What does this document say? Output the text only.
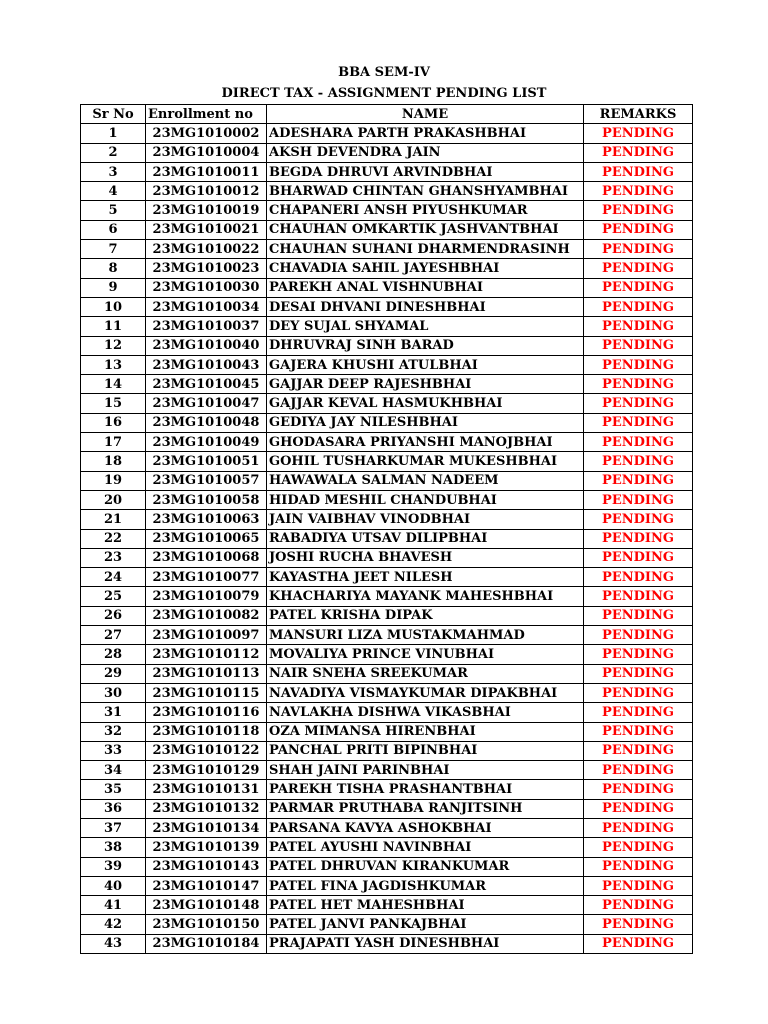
BBA SEM-IV
DIRECT TAX - ASSIGNMENT PENDING LIST
Sr No	Enrollment no	NAME	REMARKS
1	23MG1010002	ADESHARA PARTH PRAKASHBHAI	PENDING
2	23MG1010004	AKSH DEVENDRA JAIN	PENDING
3	23MG1010011	BEGDA DHRUVI ARVINDBHAI	PENDING
4	23MG1010012	BHARWAD CHINTAN GHANSHYAMBHAI	PENDING
5	23MG1010019	CHAPANERI ANSH PIYUSHKUMAR	PENDING
6	23MG1010021	CHAUHAN OMKARTIK JASHVANTBHAI	PENDING
7	23MG1010022	CHAUHAN SUHANI DHARMENDRASINH	PENDING
8	23MG1010023	CHAVADIA SAHIL JAYESHBHAI	PENDING
9	23MG1010030	PAREKH ANAL VISHNUBHAI	PENDING
10	23MG1010034	DESAI DHVANI DINESHBHAI	PENDING
11	23MG1010037	DEY SUJAL SHYAMAL	PENDING
12	23MG1010040	DHRUVRAJ SINH BARAD	PENDING
13	23MG1010043	GAJERA KHUSHI ATULBHAI	PENDING
14	23MG1010045	GAJJAR DEEP RAJESHBHAI	PENDING
15	23MG1010047	GAJJAR KEVAL HASMUKHBHAI	PENDING
16	23MG1010048	GEDIYA JAY NILESHBHAI	PENDING
17	23MG1010049	GHODASARA PRIYANSHI MANOJBHAI	PENDING
18	23MG1010051	GOHIL TUSHARKUMAR MUKESHBHAI	PENDING
19	23MG1010057	HAWAWALA SALMAN NADEEM	PENDING
20	23MG1010058	HIDAD MESHIL CHANDUBHAI	PENDING
21	23MG1010063	JAIN VAIBHAV VINODBHAI	PENDING
22	23MG1010065	RABADIYA UTSAV DILIPBHAI	PENDING
23	23MG1010068	JOSHI RUCHA BHAVESH	PENDING
24	23MG1010077	KAYASTHA JEET NILESH	PENDING
25	23MG1010079	KHACHARIYA MAYANK MAHESHBHAI	PENDING
26	23MG1010082	PATEL KRISHA DIPAK	PENDING
27	23MG1010097	MANSURI LIZA MUSTAKMAHMAD	PENDING
28	23MG1010112	MOVALIYA PRINCE VINUBHAI	PENDING
29	23MG1010113	NAIR SNEHA SREEKUMAR	PENDING
30	23MG1010115	NAVADIYA VISMAYKUMAR DIPAKBHAI	PENDING
31	23MG1010116	NAVLAKHA DISHWA VIKASBHAI	PENDING
32	23MG1010118	OZA MIMANSA HIRENBHAI	PENDING
33	23MG1010122	PANCHAL PRITI BIPINBHAI	PENDING
34	23MG1010129	SHAH JAINI PARINBHAI	PENDING
35	23MG1010131	PAREKH TISHA PRASHANTBHAI	PENDING
36	23MG1010132	PARMAR PRUTHABA RANJITSINH	PENDING
37	23MG1010134	PARSANA KAVYA ASHOKBHAI	PENDING
38	23MG1010139	PATEL AYUSHI NAVINBHAI	PENDING
39	23MG1010143	PATEL DHRUVAN KIRANKUMAR	PENDING
40	23MG1010147	PATEL FINA JAGDISHKUMAR	PENDING
41	23MG1010148	PATEL HET MAHESHBHAI	PENDING
42	23MG1010150	PATEL JANVI PANKAJBHAI	PENDING
43	23MG1010184	PRAJAPATI YASH DINESHBHAI	PENDING
